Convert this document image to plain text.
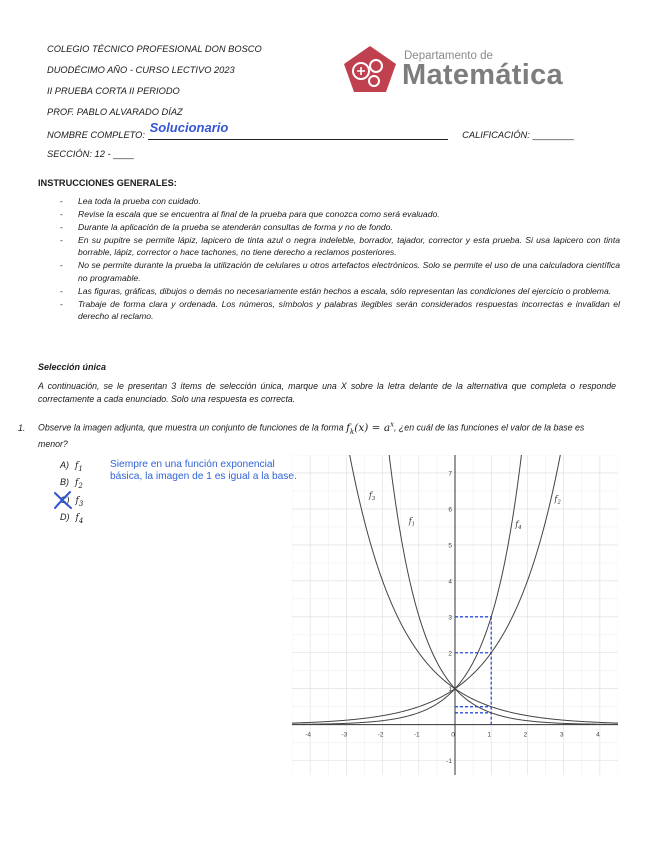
COLEGIO TÉCNICO PROFESIONAL DON BOSCO
DUODÉCIMO AÑO - CURSO LECTIVO 2023
II PRUEBA CORTA II PERIODO
PROF. PABLO ALVARADO DÍAZ
NOMBRE COMPLETO: Solucionario	CALIFICACIÓN: ________
SECCIÓN: 12 - ____
Departamento de
Matemática
INSTRUCCIONES GENERALES:
- Lea toda la prueba con cuidado.
- Revise la escala que se encuentra al final de la prueba para que conozca como será evaluado.
- Durante la aplicación de la prueba se atenderán consultas de forma y no de fondo.
- En su pupitre se permite lápiz, lapicero de tinta azul o negra indeleble, borrador, tajador, corrector y esta prueba. Si usa lapicero con tinta borrable, lápiz, corrector o hace tachones, no tiene derecho a reclamos posteriores.
- No se permite durante la prueba la utilización de celulares u otros artefactos electrónicos. Solo se permite el uso de una calculadora científica no programable.
- Las figuras, gráficas, dibujos o demás no necesariamente están hechos a escala, sólo representan las condiciones del ejercicio o problema.
- Trabaje de forma clara y ordenada. Los números, símbolos y palabras ilegibles serán considerados respuestas incorrectas e invalidan el derecho al reclamo.
Selección única
A continuación, se le presentan 3 ítems de selección única, marque una X sobre la letra delante de la alternativa que completa o responde correctamente a cada enunciado. Solo una respuesta es correcta.
1. Observe la imagen adjunta, que muestra un conjunto de funciones de la forma $f_k(x) = a^x$, ¿en cuál de las funciones el valor de la base es menor?
A) $f_1$
B) $f_2$
C) $f_3$
D) $f_4$
Siempre en una función exponencial básica, la imagen de 1 es igual a la base.
-4	-3	-2	-1	0	1	2	3	4
-1
1
2
3
4
5
6
7
$f_1$
$f_2$
$f_3$
$f_4$
